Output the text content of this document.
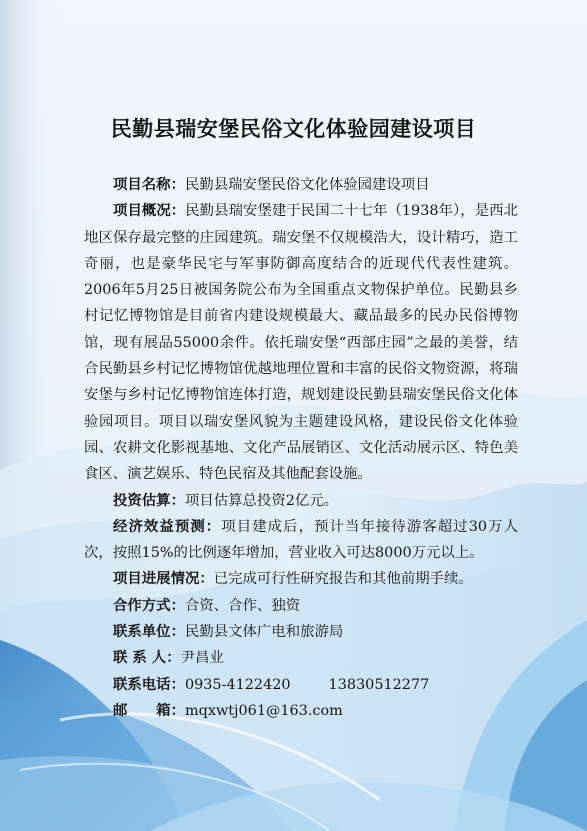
民勤县瑞安堡民俗文化体验园建设项目

项目名称：民勤县瑞安堡民俗文化体验园建设项目

项目概况：民勤县瑞安堡建于民国二十七年（1938年），是西北地区保存最完整的庄园建筑。瑞安堡不仅规模浩大，设计精巧，造工奇丽，也是豪华民宅与军事防御高度结合的近现代代表性建筑。2006年5月25日被国务院公布为全国重点文物保护单位。民勤县乡村记忆博物馆是目前省内建设规模最大、藏品最多的民办民俗博物馆，现有展品55000余件。依托瑞安堡“西部庄园”之最的美誉，结合民勤县乡村记忆博物馆优越地理位置和丰富的民俗文物资源，将瑞安堡与乡村记忆博物馆连体打造，规划建设民勤县瑞安堡民俗文化体验园项目。项目以瑞安堡风貌为主题建设风格，建设民俗文化体验园、农耕文化影视基地、文化产品展销区、文化活动展示区、特色美食区、演艺娱乐、特色民宿及其他配套设施。

投资估算：项目估算总投资2亿元。

经济效益预测：项目建成后，预计当年接待游客超过30万人次，按照15%的比例逐年增加，营业收入可达8000万元以上。

项目进展情况：已完成可行性研究报告和其他前期手续。

合作方式：合资、合作、独资

联系单位：民勤县文体广电和旅游局

联 系 人：尹昌业

联系电话：0935-4122420	13830512277

邮　　箱：mqxwtj061@163.com
